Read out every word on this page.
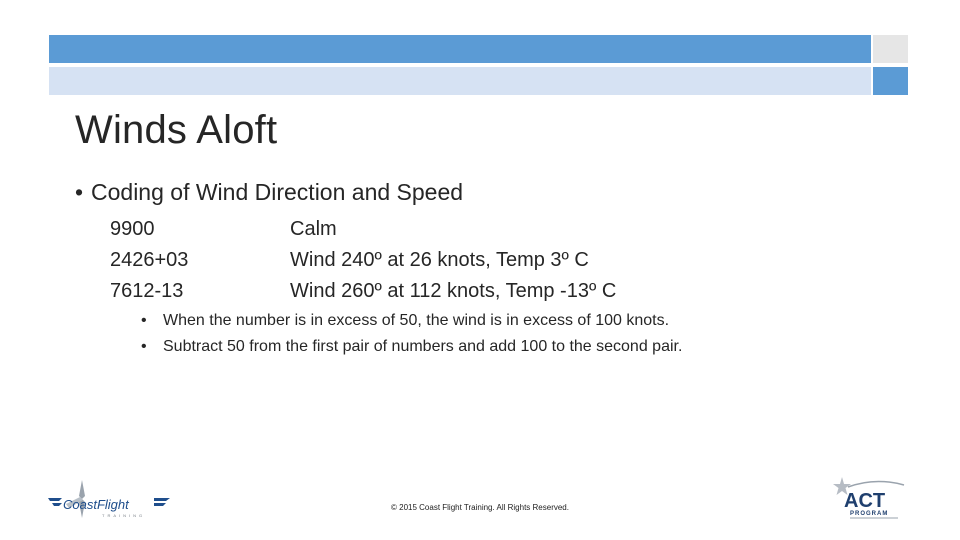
Winds Aloft
• Coding of Wind Direction and Speed
9900	Calm
2426+03	Wind 240º at 26 knots, Temp 3º C
7612-13	Wind 260º at 112 knots, Temp -13º C
• When the number is in excess of 50, the wind is in excess of 100 knots.
• Subtract 50 from the first pair of numbers and add 100 to the second pair.
CoastFlight
TRAINING
© 2015 Coast Flight Training. All Rights Reserved.	ACT
PROGRAM
